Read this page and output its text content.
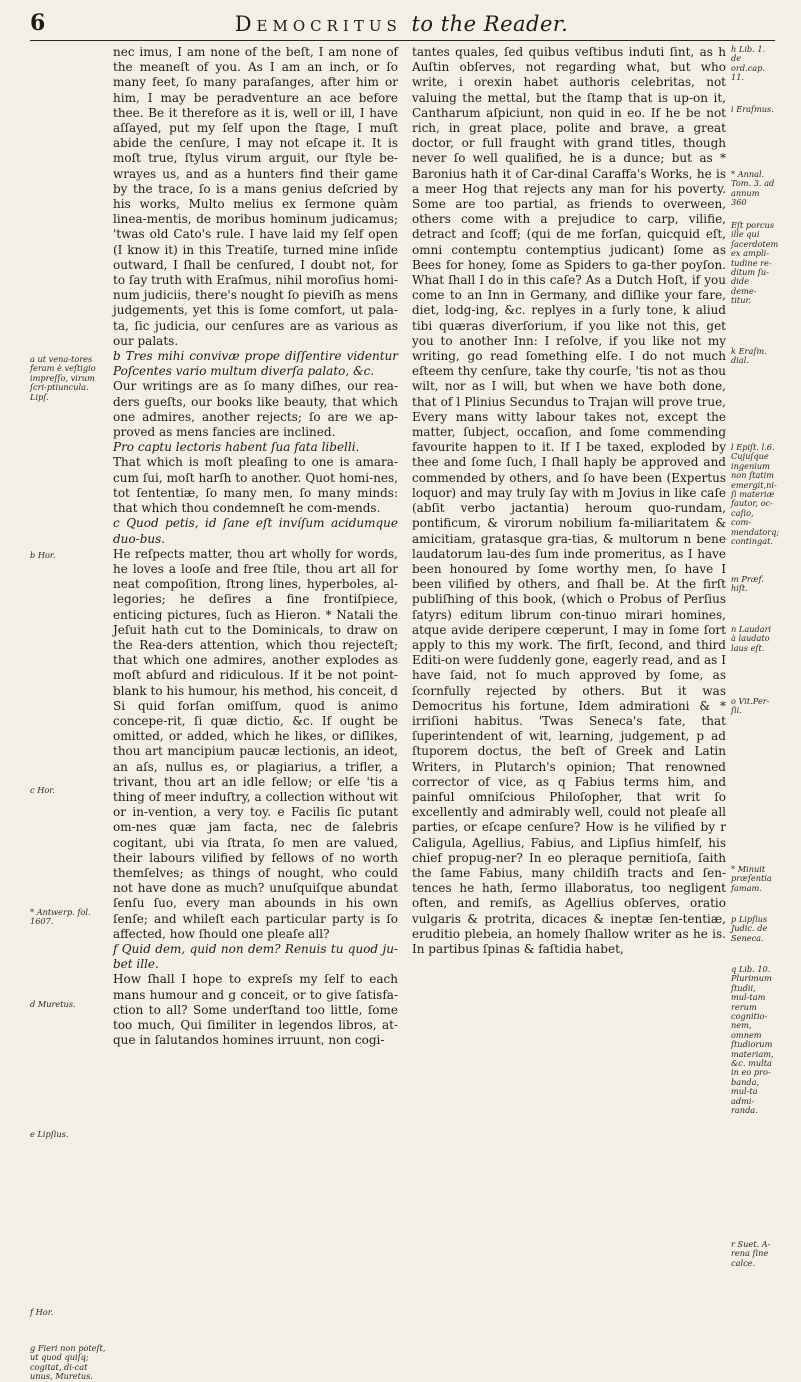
6	Democritus to the Reader.
a ut vena-tores feram è veſtigio impreſſo, virum ſcri-ptiuncula. Lipſ.
b Hor.
c Hor.
* Antwerp. fol. 1607.
d Muretus.
e Lipſius.
f Hor.
g Fieri non poteſt, ut quod quiſq; cogitat, di-cat unus, Muretus.

nec imus, I am none of the beſt, I am none of the meaneſt of you. As I am an inch, or ſo many feet, ſo many paraſanges, after him or him, I may be peradventure an ace before thee. Be it therefore as it is, well or ill, I have aſſayed, put my ſelf upon the ſtage, I muſt abide the cenſure, I may not eſcape it. It is moſt true, ſtylus virum arguit, our ſtyle be-wrayes us, and as a hunters find their game by the trace, ſo is a mans genius deſcried by his works, Multo melius ex ſermone quàm linea-mentis, de moribus hominum judicamus; 'twas old Cato's rule. I have laid my ſelf open (I know it) in this Treatiſe, turned mine inſide outward, I ſhall be cenſured, I doubt not, for to ſay truth with Eraſmus, nihil moroſius homi-num judiciis, there's nought ſo pieviſh as mens judgements, yet this is ſome comfort, ut pala-ta, ſic judicia, our cenſures are as various as our palats.

b Tres mihi convivæ prope diſſentire videntur Poſcentes vario multum diverſa palato, &c.

Our writings are as ſo many diſhes, our rea-ders gueſts, our books like beauty, that which one admires, another rejects; ſo are we ap-proved as mens fancies are inclined.

Pro captu lectoris habent ſua fata libelli.

That which is moſt pleaſing to one is amara-cum ſui, moſt harſh to another. Quot homi-nes, tot ſententiæ, ſo many men, ſo many minds: that which thou condemneſt he com-mends.

c Quod petis, id ſane eſt invíſum acidumque duo-bus.

He reſpects matter, thou art wholly for words, he loves a looſe and free ſtile, thou art all for neat compoſition, ſtrong lines, hyperboles, al-legories; he deſires a fine frontiſpiece, enticing pictures, ſuch as Hieron. * Natali the Jeſuit hath cut to the Dominicals, to draw on the Rea-ders attention, which thou rejecteſt; that which one admires, another explodes as moſt abſurd and ridiculous. If it be not point-blank to his humour, his method, his conceit, d Si quid forſan omiſſum, quod is animo concepe-rit, ſi quæ dictio, &c. If ought be omitted, or added, which he likes, or diſlikes, thou art mancipium paucæ lectionis, an ideot, an aſs, nullus es, or plagiarius, a trifler, a trivant, thou art an idle fellow; or elſe 'tis a thing of meer induſtry, a collection without wit or in-vention, a very toy. e Facilis ſic putant om-nes quæ jam facta, nec de ſalebris cogitant, ubi via ſtrata, ſo men are valued, their labours vilified by fellows of no worth themſelves; as things of nought, who could not have done as much? unuſquiſque abundat ſenſu ſuo, every man abounds in his own ſenſe; and whileſt each particular party is ſo affected, how ſhould one pleaſe all?

f Quid dem, quid non dem? Renuis tu quod ju-bet ille.

How ſhall I hope to expreſs my ſelf to each mans humour and g conceit, or to give ſatisfa-ction to all? Some underſtand too little, ſome too much, Qui ſimiliter in legendos libros, at-que in ſalutandos homines irruunt, non cogi-

tantes quales, ſed quibus veſtibus induti ſint, as h Auſtin obſerves, not regarding what, but who write, i orexin habet authoris celebritas, not valuing the mettal, but the ſtamp that is up-on it, Cantharum aſpiciunt, non quid in eo. If he be not rich, in great place, polite and brave, a great doctor, or full fraught with grand titles, though never ſo well qualified, he is a dunce; but as * Baronius hath it of Car-dinal Caraffa's Works, he is a meer Hog that rejects any man for his poverty. Some are too partial, as friends to overween, others come with a prejudice to carp, vilifie, detract and ſcoff; (qui de me forſan, quicquid eſt, omni contemptu contemptius judicant) ſome as Bees for honey, ſome as Spiders to ga-ther poyſon. What ſhall I do in this caſe? As a Dutch Hoſt, if you come to an Inn in Germany, and diſlike your fare, diet, lodg-ing, &c. replyes in a ſurly tone, k aliud tibi quæras diverſorium, if you like not this, get you to another Inn: I reſolve, if you like not my writing, go read ſomething elſe. I do not much eſteem thy cenſure, take thy courſe, 'tis not as thou wilt, nor as I will, but when we have both done, that of l Plinius Secundus to Trajan will prove true, Every mans witty labour takes not, except the matter, ſubject, occaſion, and ſome commending favourite happen to it. If I be taxed, exploded by thee and ſome ſuch, I ſhall haply be approved and commended by others, and ſo have been (Expertus loquor) and may truly ſay with m Jovius in like caſe (abſit verbo jactantia) heroum quo-rundam, pontificum, & virorum nobilium fa-miliaritatem & amicitiam, gratasque gra-tias, & multorum n bene laudatorum lau-des ſum inde promeritus, as I have been honoured by ſome worthy men, ſo have I been vilified by others, and ſhall be. At the firſt publiſhing of this book, (which o Probus of Perſius ſatyrs) editum librum con-tinuo mirari homines, atque avide deripere cœperunt, I may in ſome ſort apply to this my work. The firſt, ſecond, and third Editi-on were ſuddenly gone, eagerly read, and as I have ſaid, not ſo much approved by ſome, as ſcornfully rejected by others. But it was Democritus his fortune, Idem admirationi & * irriſioni habitus. 'Twas Seneca's fate, that ſuperintendent of wit, learning, judgement, p ad ſtuporem doctus, the beſt of Greek and Latin Writers, in Plutarch's opinion; That renowned corrector of vice, as q Fabius terms him, and painful omniſcious Philoſopher, that writ ſo excellently and admirably well, could not pleaſe all parties, or eſcape cenſure? How is he vilified by r Caligula, Agellius, Fabius, and Lipſius himſelf, his chief propug-ner? In eo pleraque pernitioſa, ſaith the ſame Fabius, many childiſh tracts and ſen-tences he hath, ſermo illaboratus, too negligent often, and remiſs, as Agellius obſerves, oratio vulgaris & protrita, dicaces & ineptæ ſen-tentiæ, eruditio plebeia, an homely ſhallow writer as he is. In partibus ſpinas & faſtidia habet,

h Lib. 1. de ord.cap. 11.
i Eraſmus.
* Annal. Tom. 3. ad annum 360
Eſt porcus ille qui ſacerdotem ex ampli-tudine re-ditum ſu-dide deme-titur.
k Eraſm. dial.
l Epiſt. l.6. Cujuſque ingenium non ſtatim emergit,ni-ſi materiæ fautor, oc-caſio, com-mendatorq; contingat.
m Præf. hiſt.
n Laudari à laudato laus eſt.
o Vit.Per-ſii.
* Minuit præſentia famam.
p Lipſius Judic. de Seneca.
q Lib. 10. Plurimum ſtudii, mul-tam rerum cognitio-nem, omnem ſtudiorum materiam, &c. multa in eo pro-banda, mul-ta admi-randa.
r Suet. A-rena ſine calce.
